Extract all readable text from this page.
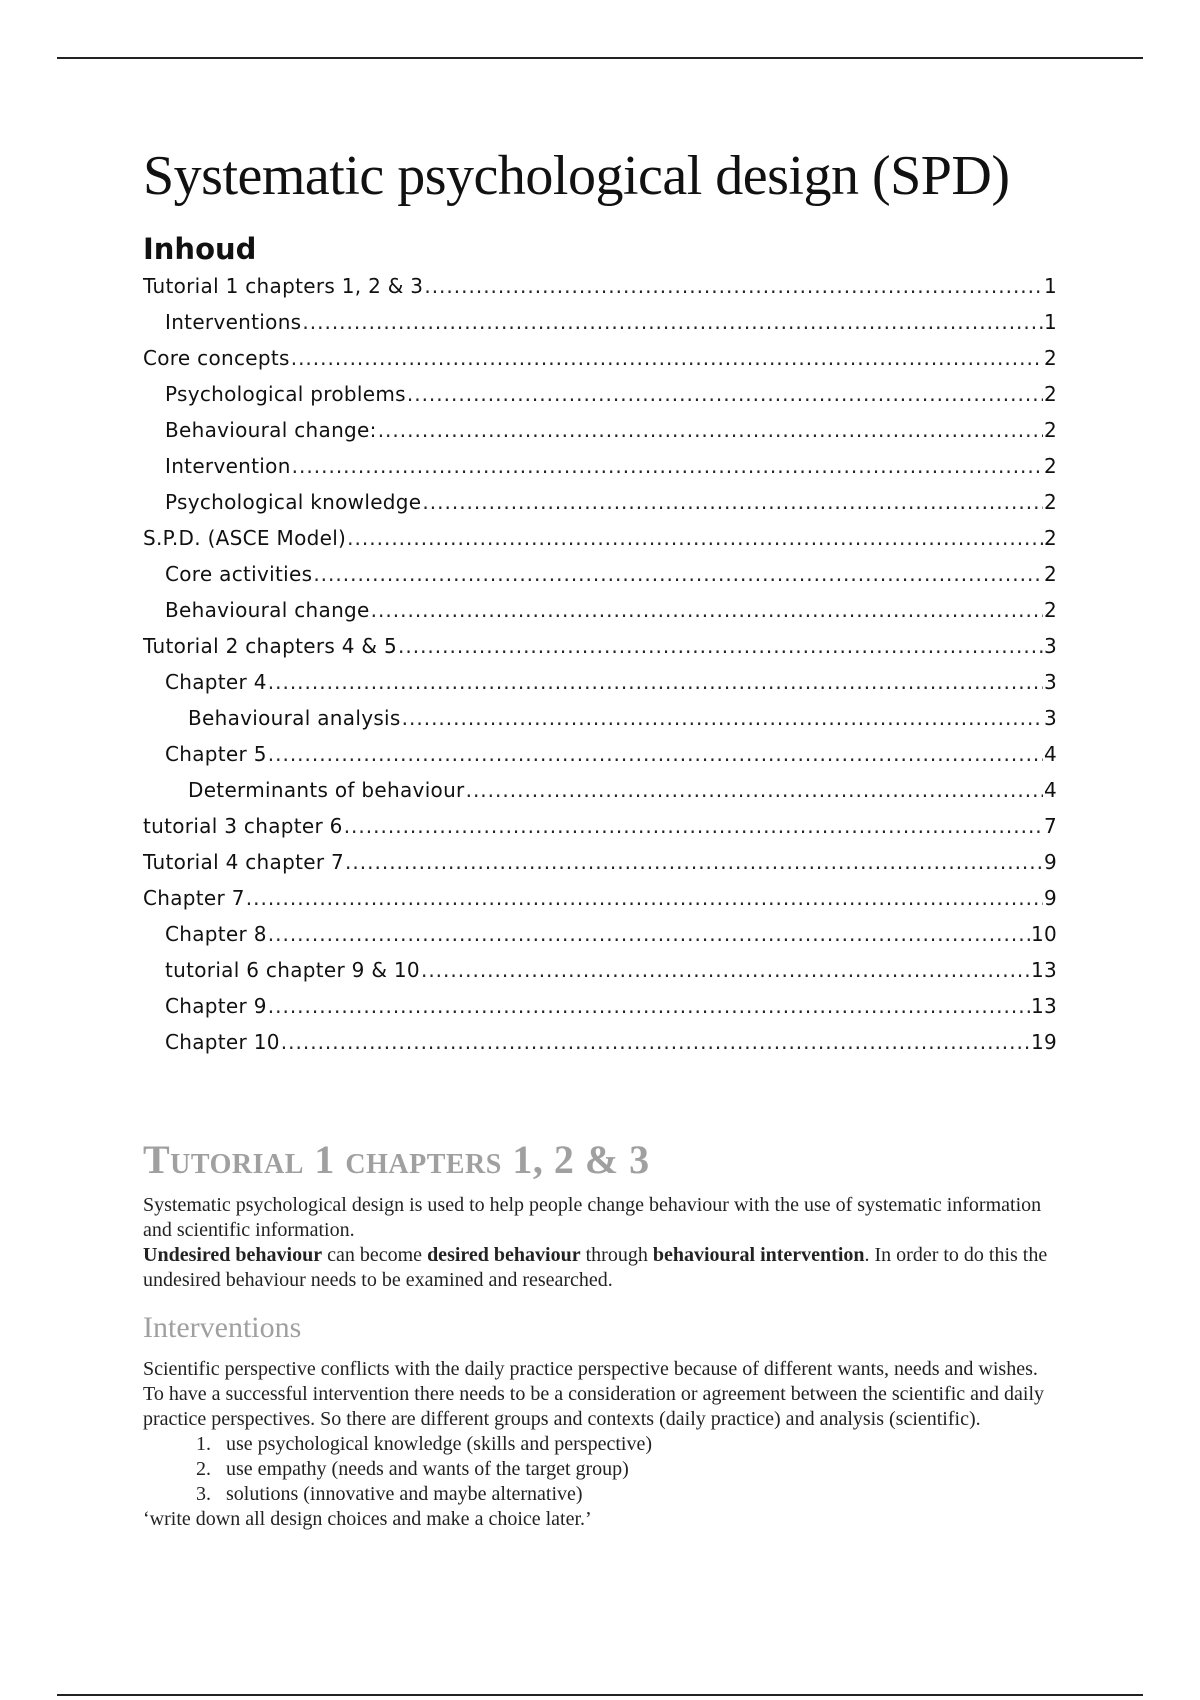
Systematic psychological design (SPD)
Inhoud
Tutorial 1 chapters 1, 2 & 3 .....	1
Interventions .....	1
Core concepts .....	2
Psychological problems .....	2
Behavioural change: .....	2
Intervention .....	2
Psychological knowledge .....	2
S.P.D. (ASCE Model) .....	2
Core activities .....	2
Behavioural change .....	2
Tutorial 2 chapters 4 & 5 .....	3
Chapter 4 .....	3
Behavioural analysis .....	3
Chapter 5 .....	4
Determinants of behaviour .....	4
tutorial 3 chapter 6 .....	7
Tutorial 4 chapter 7 .....	9
Chapter 7 .....	9
Chapter 8 .....	10
tutorial 6 chapter 9 & 10 .....	13
Chapter 9 .....	13
Chapter 10 .....	19
Tutorial 1 chapters 1, 2 & 3

Systematic psychological design is used to help people change behaviour with the use of systematic information and scientific information.

Undesired behaviour can become desired behaviour through behavioural intervention. In order to do this the undesired behaviour needs to be examined and researched.

Interventions

Scientific perspective conflicts with the daily practice perspective because of different wants, needs and wishes. To have a successful intervention there needs to be a consideration or agreement between the scientific and daily practice perspectives. So there are different groups and contexts (daily practice) and analysis (scientific).

1. use psychological knowledge (skills and perspective)
2. use empathy (needs and wants of the target group)
3. solutions (innovative and maybe alternative)

‘write down all design choices and make a choice later.’
